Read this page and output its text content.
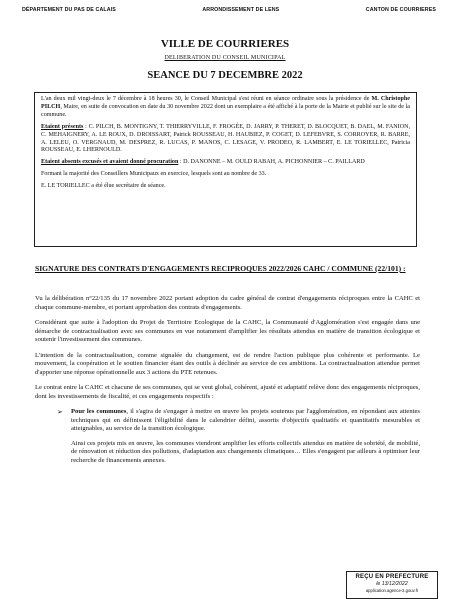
DÉPARTEMENT DU PAS DE CALAIS	ARRONDISSEMENT DE LENS	CANTON DE COURRIERES
VILLE DE COURRIERES
DELIBERATION DU CONSEIL MUNICIPAL
SEANCE DU 7 DECEMBRE 2022

L'an deux mil vingt-deux le 7 décembre à 18 heures 30, le Conseil Municipal s'est réuni en séance ordinaire sous la présidence de M. Christophe PILCH, Maire, en suite de convocation en date du 30 novembre 2022 dont un exemplaire a été affiché à la porte de la Mairie et publié sur le site de la commune.

Etaient présents : C. PILCH, B. MONTIGNY, T. THIERRYVILLE, F. FROGÉE, D. JARRY, P. THERET, D. BLOCQUET, B. DAEL, M. FANION, C. MEHAIGNERY, A. LE ROUX, D. DROISSART, Patrick ROUSSEAU, H. HAUBIEZ, P. COGET, D. LEFEBVRE, S. CORROYER, R. BARRE, A. LELEU, O. VERGNAUD, M. DESPREZ, R. LUCAS, P. MANOS, C. LESAGE, V. PRODEO, R. LAMBERT, E. LE TORIELLEC, Patricia ROUSSEAU, E. LHERNOULD.

Etaient absents excusés et avaient donné procuration : D. DANONNE – M. OULD RABAH, A. PICHONNIER – C. PAILLARD

Formant la majorité des Conseillers Municipaux en exercice, lesquels sont au nombre de 33.

E. LE TORIELLEC a été élue secrétaire de séance.

SIGNATURE DES CONTRATS D'ENGAGEMENTS RECIPROQUES 2022/2026 CAHC / COMMUNE (22/101) :

Vu la délibération n°22/135 du 17 novembre 2022 portant adoption du cadre général de contrat d'engagements réciproques entre la CAHC et chaque commune-membre, et portant approbation des contrats d'engagements.

Considérant que suite à l'adoption du Projet de Territoire Ecologique de la CAHC, la Communauté d'Agglomération s'est engagée dans une démarche de contractualisation avec ses communes en vue notamment d'amplifier les résultats attendus en matière de transition écologique et soutenir l'investissement des communes.

L'intention de la contractualisation, comme signalée du changement, est de rendre l'action publique plus cohérente et performante. Le mouvement, la coopération et le soutien financier étant des outils à déclinér au service de ces ambitions. La contractualisation attendue permet d'apporter une réponse opérationnelle aux 3 actions du PTE retenues.

Le contrat entre la CAHC et chacune de ses communes, qui se veut global, cohérent, ajusté et adaptatif relève donc des engagements réciproques, dont les investissements de fiscalité, et ces engagements respectifs :

➢	Pour les communes, il s'agira de s'engager à mettre en œuvre les projets soutenus par l'agglomération, en répondant aux attentes techniques qui en définissent l'éligibilité dans le calendrier défini, assortis d'objectifs qualitatifs et quantitatifs mesurables et atteignables, au service de la transition écologique.

Ainsi ces projets mis en œuvre, les communes viendront amplifier les efforts collectifs attendus en matière de sobriété, de mobilité, de rénovation et réduction des pollutions, d'adaptation aux changements climatiques… Elles s'engagent par ailleurs à optimiser leur recherche de financements annexes.

REÇU EN PREFECTURE
le 13/12/2022
application.agence-2.gouv.fr
